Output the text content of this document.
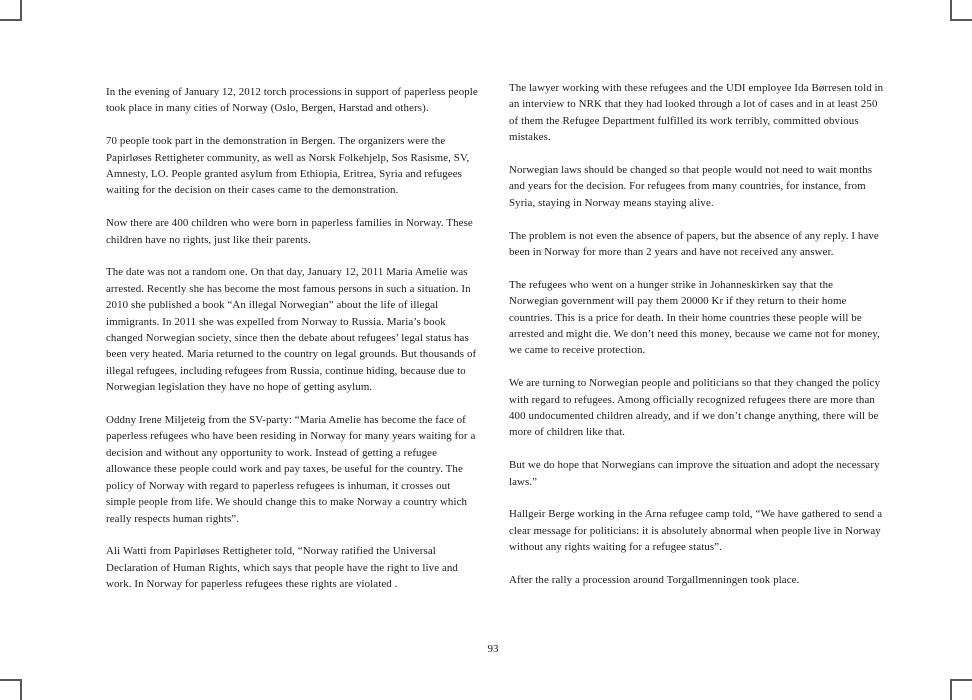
In the evening of January 12, 2012 torch processions in support of paperless people took place in many cities of Norway (Oslo, Bergen, Harstad and others).

70 people took part in the demonstration in Bergen. The organizers were the Papirløses Rettigheter community, as well as Norsk Folkehjelp, Sos Rasisme, SV, Amnesty, LO. People granted asylum from Ethiopia, Eritrea, Syria and refugees waiting for the decision on their cases came to the demonstration.

Now there are 400 children who were born in paperless families in Norway. These children have no rights, just like their parents.

The date was not a random one. On that day, January 12, 2011 Maria Amelie was arrested. Recently she has become the most famous persons in such a situation. In 2010 she published a book “An illegal Norwegian” about the life of illegal immigrants. In 2011 she was expelled from Norway to Russia. Maria’s book changed Norwegian society, since then the debate about refugees’ legal status has been very heated. Maria returned to the country on legal grounds. But thousands of illegal refugees, including refugees from Russia, continue hiding, because due to Norwegian legislation they have no hope of getting asylum.

Oddny Irene Miljeteig from the SV-party: “Maria Amelie has become the face of paperless refugees who have been residing in Norway for many years waiting for a decision and without any opportunity to work. Instead of getting a refugee allowance these people could work and pay taxes, be useful for the country. The policy of Norway with regard to paperless refugees is inhuman, it crosses out simple people from life. We should change this to make Norway a country which really respects human rights”.

Ali Watti from Papirløses Rettigheter told, “Norway ratified the Universal Declaration of Human Rights, which says that people have the right to live and work. In Norway for paperless refugees these rights are violated .

The lawyer working with these refugees and the UDI employee Ida Børresen told in an interview to NRK that they had looked through a lot of cases and in at least 250 of them the Refugee Department fulfilled its work terribly, committed obvious mistakes.

Norwegian laws should be changed so that people would not need to wait months and years for the decision. For refugees from many countries, for instance, from Syria, staying in Norway means staying alive.

The problem is not even the absence of papers, but the absence of any reply. I have been in Norway for more than 2 years and have not received any answer.

The refugees who went on a hunger strike in Johanneskirken say that the Norwegian government will pay them 20000 Kr if they return to their home countries. This is a price for death. In their home countries these people will be arrested and might die. We don’t need this money, because we came not for money, we came to receive protection.

We are turning to Norwegian people and politicians so that they changed the policy with regard to refugees. Among officially recognized refugees there are more than 400 undocumented children already, and if we don’t change anything, there will be more of children like that.

But we do hope that Norwegians can improve the situation and adopt the necessary laws.”

Hallgeir Berge working in the Arna refugee camp told, “We have gathered to send a clear message for politicians: it is absolutely abnormal when people live in Norway without any rights waiting for a refugee status”.

After the rally a procession around Torgallmenningen took place.

93
